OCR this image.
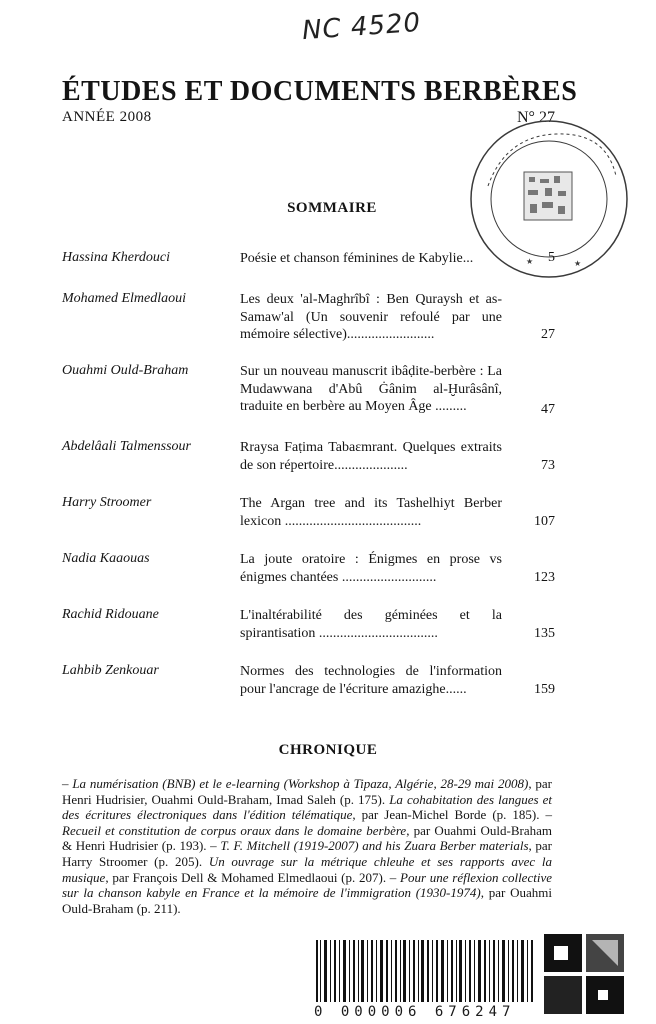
NC 4520
ÉTUDES ET DOCUMENTS BERBÈRES
ANNÉE 2008	N° 27
★	★
SOMMAIRE
Hassina Kherdouci	Poésie et chanson féminines de Kabylie...	5
Mohamed Elmedlaoui	Les deux 'al-Maghrîbî : Ben Quraysh et as-Samaw'al (Un souvenir refoulé par une mémoire sélective).........................	27
Ouahmi Ould-Braham	Sur un nouveau manuscrit ibâḍite-berbère : La Mudawwana d'Abû Ġânim al-Ḫurâsânî, traduite en berbère au Moyen Âge .........	47
Abdelâali Talmenssour	Rraysa Faṭima Tabaɛmrant. Quelques extraits de son répertoire.....................	73
Harry Stroomer	The Argan tree and its Tashelhiyt Berber lexicon .......................................	107
Nadia Kaaouas	La joute oratoire : Énigmes en prose vs énigmes chantées ...........................	123
Rachid Ridouane	L'inaltérabilité des géminées et la spirantisation ..................................	135
Lahbib Zenkouar	Normes des technologies de l'information pour l'ancrage de l'écriture amazighe......	159
CHRONIQUE
– La numérisation (BNB) et le e-learning (Workshop à Tipaza, Algérie, 28-29 mai 2008), par Henri Hudrisier, Ouahmi Ould-Braham, Imad Saleh (p. 175). La cohabitation des langues et des écritures électroniques dans l'édition télématique, par Jean-Michel Borde (p. 185). – Recueil et constitution de corpus oraux dans le domaine berbère, par Ouahmi Ould-Braham & Henri Hudrisier (p. 193). – T. F. Mitchell (1919-2007) and his Zuara Berber materials, par Harry Stroomer (p. 205). Un ouvrage sur la métrique chleuhe et ses rapports avec la musique, par François Dell & Mohamed Elmedlaoui (p. 207). – Pour une réflexion collective sur la chanson kabyle en France et la mémoire de l'immigration (1930-1974), par Ouahmi Ould-Braham (p. 211).
0 000006 676247
